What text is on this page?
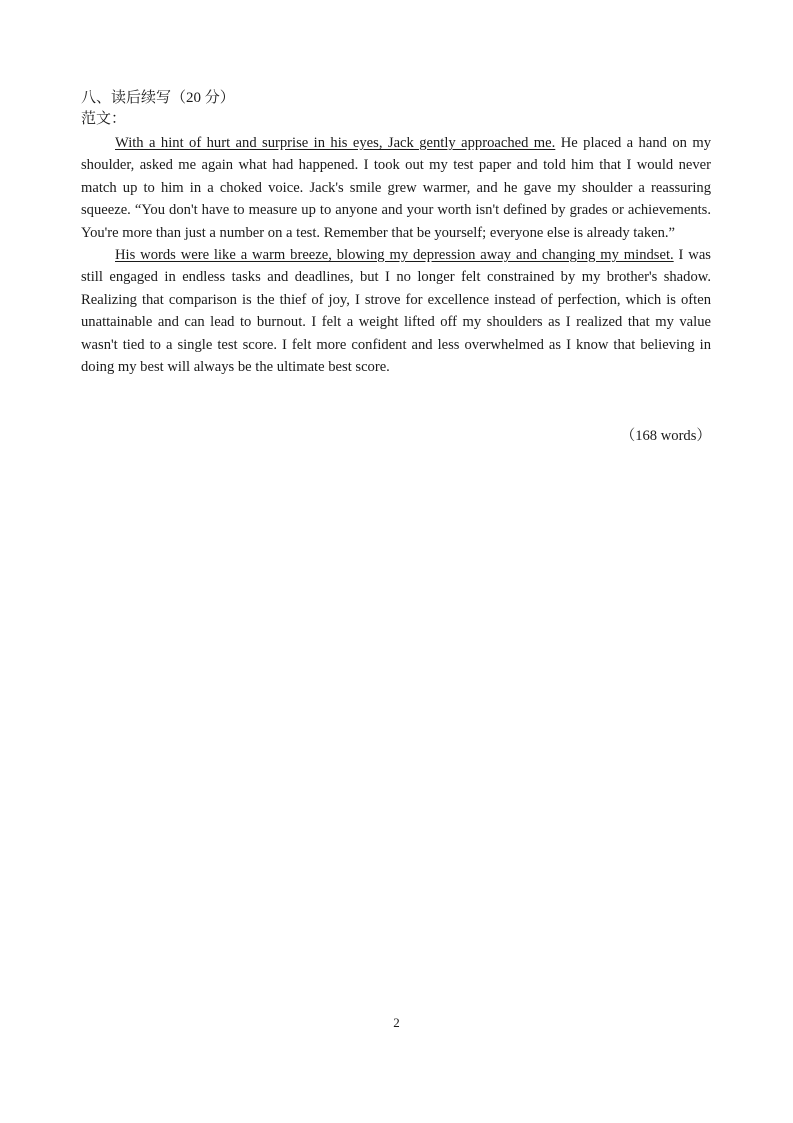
八、读后续写（20 分）

范文：

With a hint of hurt and surprise in his eyes, Jack gently approached me. He placed a hand on my shoulder, asked me again what had happened. I took out my test paper and told him that I would never match up to him in a choked voice. Jack's smile grew warmer, and he gave my shoulder a reassuring squeeze. “You don't have to measure up to anyone and your worth isn't defined by grades or achievements. You're more than just a number on a test. Remember that be yourself; everyone else is already taken.”

His words were like a warm breeze, blowing my depression away and changing my mindset. I was still engaged in endless tasks and deadlines, but I no longer felt constrained by my brother's shadow. Realizing that comparison is the thief of joy, I strove for excellence instead of perfection, which is often unattainable and can lead to burnout. I felt a weight lifted off my shoulders as I realized that my value wasn't tied to a single test score. I felt more confident and less overwhelmed as I know that believing in doing my best will always be the ultimate best score.

（168 words）

2
